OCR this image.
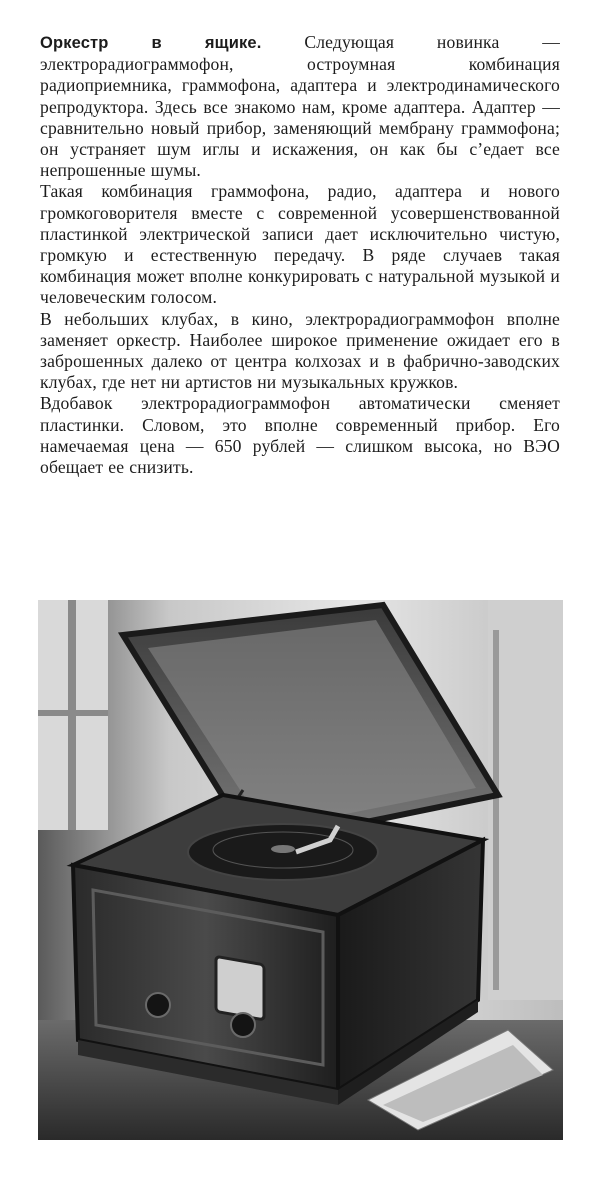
Оркестр в ящике. Следующая новинка — электрорадиограммофон, остроумная комбинация радиоприемника, граммофона, адаптера и электродинамического репродуктора. Здесь все знакомо нам, кроме адаптера. Адаптер — сравнительно новый прибор, заменяющий мембрану граммофона; он устраняет шум иглы и искажения, он как бы сʼедает все непрошенные шумы.

Такая комбинация граммофона, радио, адаптера и нового громкоговорителя вместе с современной усовершенствованной пластинкой электрической записи дает исключительно чистую, громкую и естественную передачу. В ряде случаев такая комбинация может вполне конкурировать с натуральной музыкой и человеческим голосом.

В небольших клубах, в кино, электрорадиограммофон вполне заменяет оркестр. Наиболее широкое применение ожидает его в заброшенных далеко от центра колхозах и в фабрично-заводских клубах, где нет ни артистов ни музыкальных кружков.

Вдобавок электрорадиограммофон автоматически сменяет пластинки. Словом, это вполне современный прибор. Его намечаемая цена — 650 рублей — слишком высока, но ВЭО обещает ее снизить.
